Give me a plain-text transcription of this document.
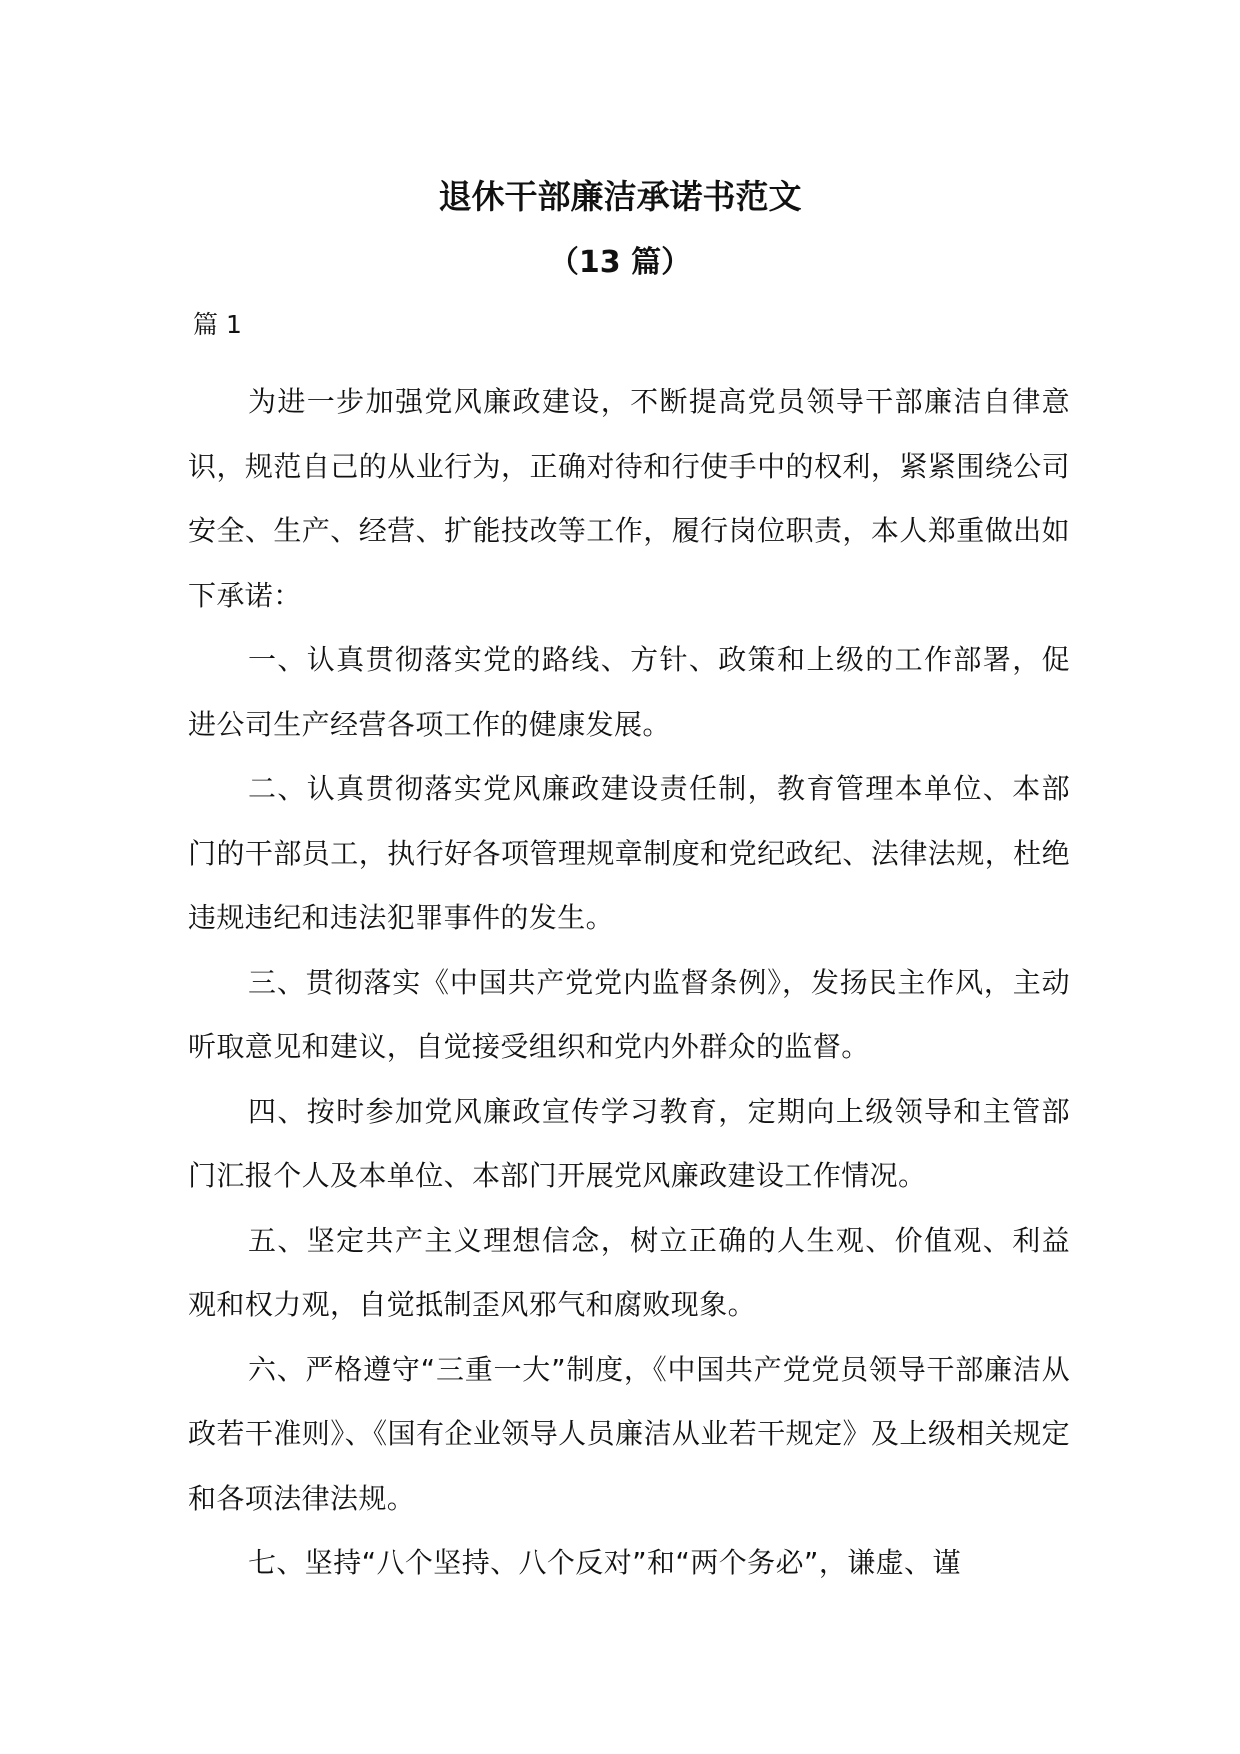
退休干部廉洁承诺书范文
（13 篇）
篇 1

为进一步加强党风廉政建设，不断提高党员领导干部廉洁自律意识，规范自己的从业行为，正确对待和行使手中的权利，紧紧围绕公司安全、生产、经营、扩能技改等工作，履行岗位职责，本人郑重做出如下承诺：

一、认真贯彻落实党的路线、方针、政策和上级的工作部署，促进公司生产经营各项工作的健康发展。

二、认真贯彻落实党风廉政建设责任制，教育管理本单位、本部门的干部员工，执行好各项管理规章制度和党纪政纪、法律法规，杜绝违规违纪和违法犯罪事件的发生。

三、贯彻落实《中国共产党党内监督条例》，发扬民主作风，主动听取意见和建议，自觉接受组织和党内外群众的监督。

四、按时参加党风廉政宣传学习教育，定期向上级领导和主管部门汇报个人及本单位、本部门开展党风廉政建设工作情况。

五、坚定共产主义理想信念，树立正确的人生观、价值观、利益观和权力观，自觉抵制歪风邪气和腐败现象。

六、严格遵守“三重一大”制度，《中国共产党党员领导干部廉洁从政若干准则》、《国有企业领导人员廉洁从业若干规定》及上级相关规定和各项法律法规。

七、坚持“八个坚持、八个反对”和“两个务必”，谦虚、谨
